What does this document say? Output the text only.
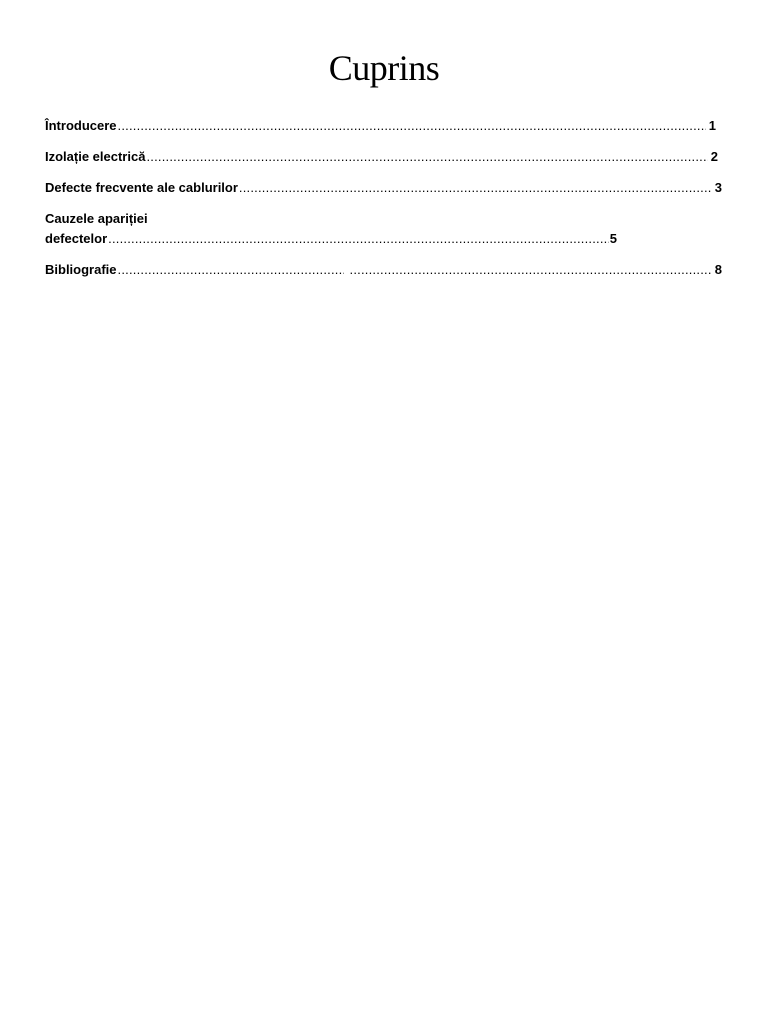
Cuprins
Întroducere .....	1
Izolație electrică .....	2
Defecte frecvente ale cablurilor .....	3
Cauzele apariției
defectelor .....	5
Bibliografie ..... .....	8
